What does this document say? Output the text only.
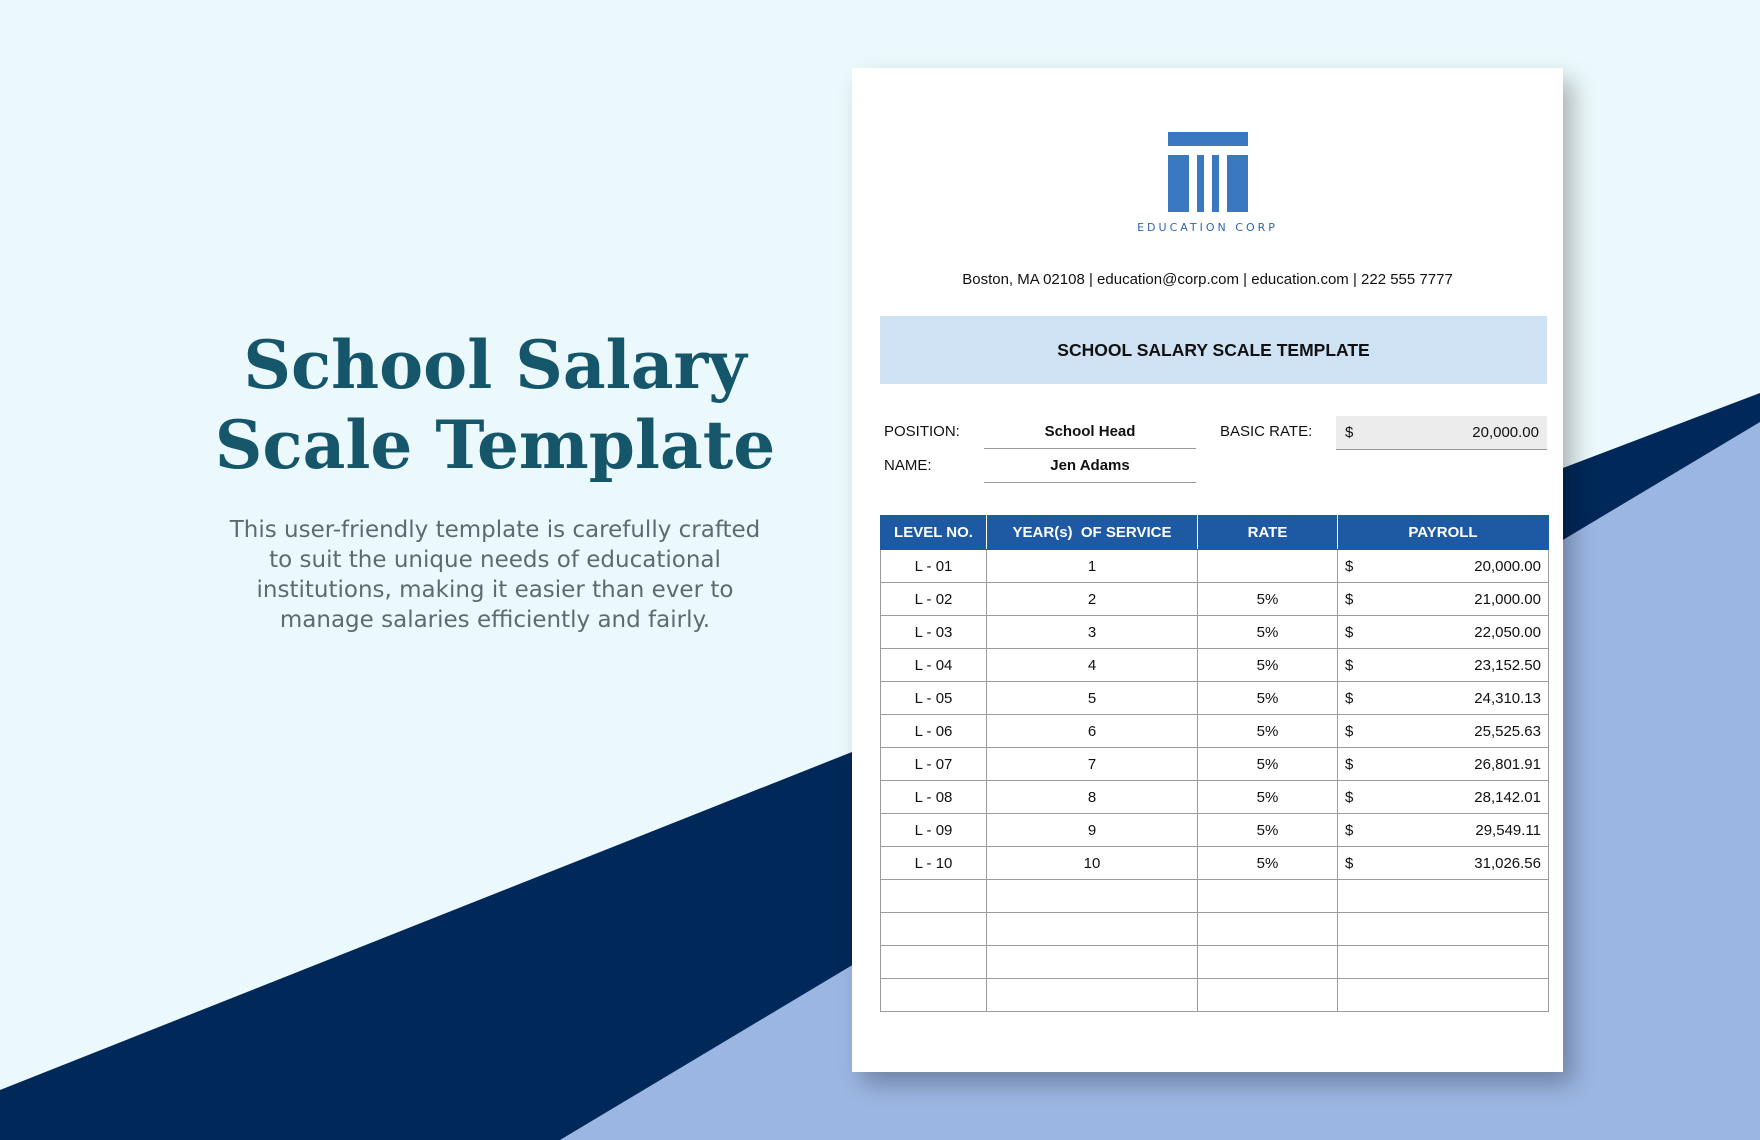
School Salary
Scale Template

This user-friendly template is carefully crafted to suit the unique needs of educational institutions, making it easier than ever to manage salaries efficiently and fairly.

EDUCATION CORP
Boston, MA 02108 | education@corp.com | education.com | 222 555 7777
SCHOOL SALARY SCALE TEMPLATE
POSITION:	School Head
NAME:	Jen Adams
BASIC RATE: $	20,000.00
LEVEL NO.	YEAR(s)  OF SERVICE	RATE	PAYROLL
L - 01	1		$ 20,000.00

L - 02	2	5%	$ 21,000.00

L - 03	3	5%	$ 22,050.00

L - 04	4	5%	$ 23,152.50

L - 05	5	5%	$ 24,310.13

L - 06	6	5%	$ 25,525.63

L - 07	7	5%	$ 26,801.91

L - 08	8	5%	$ 28,142.01

L - 09	9	5%	$ 29,549.11

L - 10	10	5%	$ 31,026.56
